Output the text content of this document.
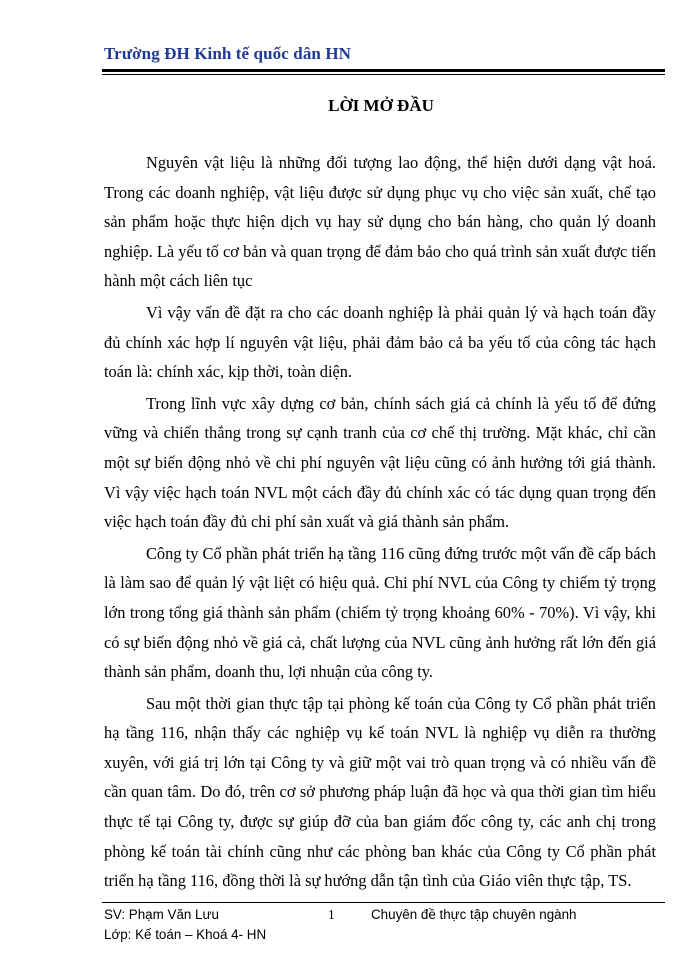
Trường ĐH Kinh tế quốc dân HN
LỜI MỞ ĐẦU

Nguyên vật liệu là những đối tượng lao động, thể hiện dưới dạng vật hoá. Trong các doanh nghiệp, vật liệu được sử dụng phục vụ cho việc sản xuất, chế tạo sản phẩm hoặc thực hiện dịch vụ hay sử dụng cho bán hàng, cho quản lý doanh nghiệp. Là yếu tố cơ bản và quan trọng để đảm bảo cho quá trình sản xuất được tiến hành một cách liên tục

Vì vậy vấn đề đặt ra cho các doanh nghiệp là phải quản lý và hạch toán đầy đủ chính xác hợp lí nguyên vật liệu, phải đảm bảo cả ba yếu tố của công tác hạch toán là: chính xác, kịp thời, toàn diện.

Trong lĩnh vực xây dựng cơ bản, chính sách giá cả chính là yếu tố để đứng vững và chiến thắng trong sự cạnh tranh của cơ chế thị trường. Mặt khác, chỉ cần một sự biến động nhỏ về chi phí nguyên vật liệu cũng có ảnh hưởng tới giá thành. Vì vậy việc hạch toán NVL một cách đầy đủ chính xác có tác dụng quan trọng đến việc hạch toán đầy đủ chi phí sản xuất và giá thành sản phẩm.

Công ty Cổ phần phát triển hạ tầng 116 cũng đứng trước một vấn đề cấp bách là làm sao để quản lý vật liệt có hiệu quả. Chi phí NVL của Công ty chiếm tỷ trọng lớn trong tổng giá thành sản phẩm (chiếm tỷ trọng khoảng 60% - 70%). Vì vậy, khi có sự biến động nhỏ về giá cả, chất lượng của NVL cũng ảnh hưởng rất lớn đến giá thành sản phẩm, doanh thu, lợi nhuận của công ty.

Sau một thời gian thực tập tại phòng kế toán của Công ty Cổ phần phát triển hạ tầng 116, nhận thấy các nghiệp vụ kế toán NVL là nghiệp vụ diễn ra thường xuyên, với giá trị lớn tại Công ty và giữ một vai trò quan trọng và có nhiều vấn đề cần quan tâm. Do đó, trên cơ sở phương pháp luận đã học và qua thời gian tìm hiểu thực tế tại Công ty, được sự giúp đỡ của ban giám đốc công ty, các anh chị trong phòng kế toán tài chính cũng như các phòng ban khác của Công ty Cổ phần phát triển hạ tầng 116, đồng thời là sự hướng dẫn tận tình của Giáo viên thực tập, TS.

SV: Phạm Văn Lưu
Lớp: Kế toán – Khoá 4- HN
1	Chuyên đề thực tập chuyên ngành
